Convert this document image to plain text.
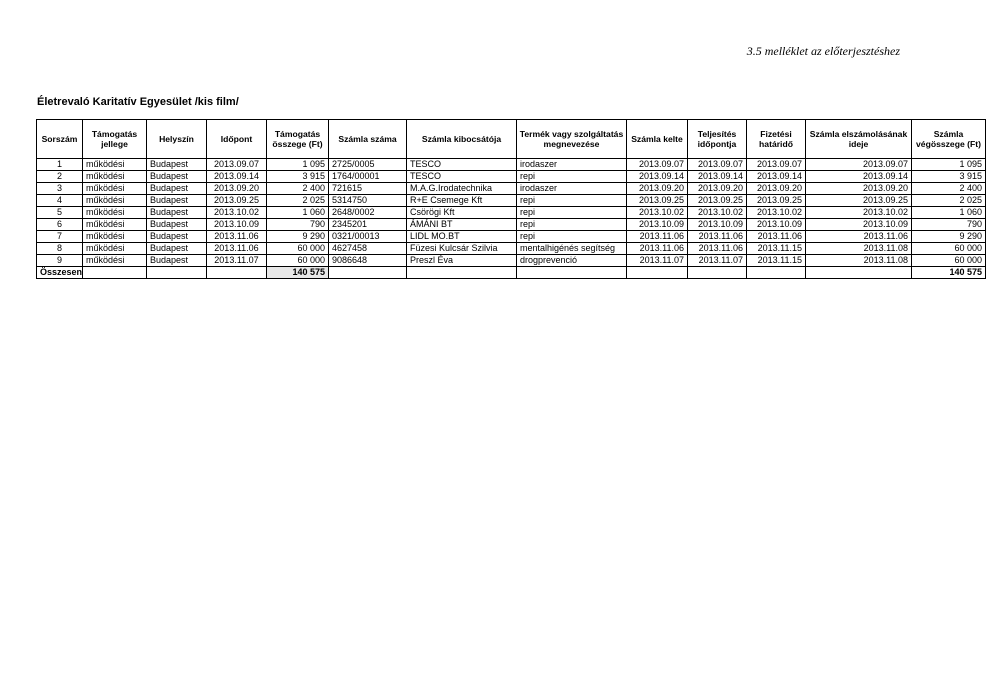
3.5 melléklet az előterjesztéshez
Életrevaló Karitatív Egyesület /kis film/
Sorszám	Támogatás jellege	Helyszín	Időpont	Támogatás összege (Ft)	Számla száma	Számla kibocsátója	Termék vagy szolgáltatás megnevezése	Számla kelte	Teljesítés időpontja	Fizetési határidő	Számla elszámolásának ideje	Számla végösszege (Ft)
1	működési	Budapest	2013.09.07	1 095	2725/0005	TESCO	irodaszer	2013.09.07	2013.09.07	2013.09.07	2013.09.07	1 095
2	működési	Budapest	2013.09.14	3 915	1764/00001	TESCO	repi	2013.09.14	2013.09.14	2013.09.14	2013.09.14	3 915
3	működési	Budapest	2013.09.20	2 400	721615	M.A.G.Irodatechnika	irodaszer	2013.09.20	2013.09.20	2013.09.20	2013.09.20	2 400
4	működési	Budapest	2013.09.25	2 025	5314750	R+E Csemege Kft	repi	2013.09.25	2013.09.25	2013.09.25	2013.09.25	2 025
5	működési	Budapest	2013.10.02	1 060	2648/0002	Csörögi Kft	repi	2013.10.02	2013.10.02	2013.10.02	2013.10.02	1 060
6	működési	Budapest	2013.10.09	790	2345201	ÁMÁNI BT	repi	2013.10.09	2013.10.09	2013.10.09	2013.10.09	790
7	működési	Budapest	2013.11.06	9 290	0321/00013	LIDL MO.BT	repi	2013.11.06	2013.11.06	2013.11.06	2013.11.06	9 290
8	működési	Budapest	2013.11.06	60 000	4627458	Füzesi Kulcsár Szilvia	mentalhigénés segítség	2013.11.06	2013.11.06	2013.11.15	2013.11.08	60 000
9	működési	Budapest	2013.11.07	60 000	9086648	Preszl Éva	drogprevenció	2013.11.07	2013.11.07	2013.11.15	2013.11.08	60 000
Összesen				140 575								140 575
